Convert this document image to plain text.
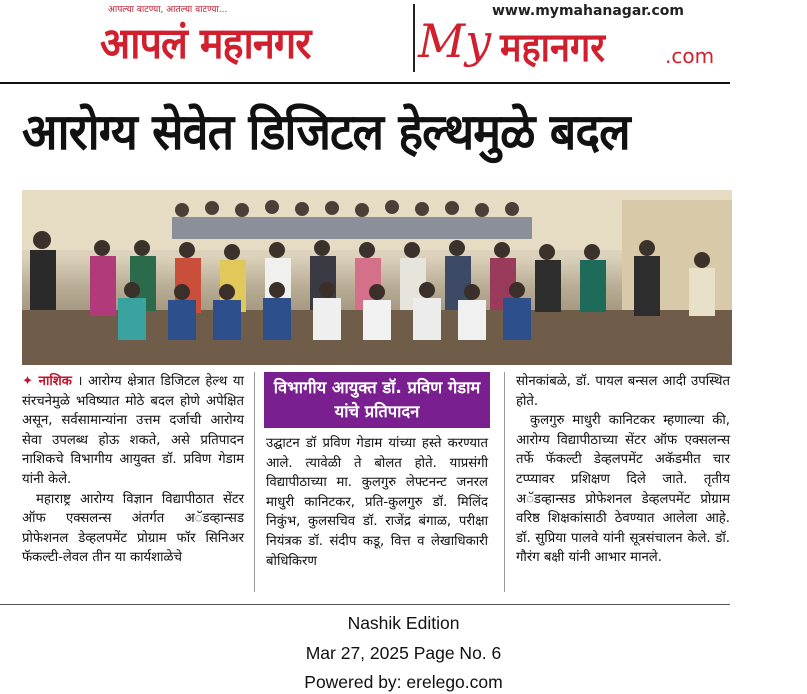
आपल्या वाटण्या, आतल्या वाटण्या...
आपलं महानगर
www.mymahanagar.com
My महानगर	.com
आरोग्य सेवेत डिजिटल हेल्थमुळे बदल

✦ नाशिक । आरोग्य क्षेत्रात डिजिटल हेल्थ या संरचनेमुळे भविष्यात मोठे बदल होणे अपेक्षित असून, सर्वसामान्यांना उत्तम दर्जाची आरोग्य सेवा उपलब्ध होऊ शकते, असे प्रतिपादन नाशिकचे विभागीय आयुक्त डॉ. प्रविण गेडाम यांनी केले.

महाराष्ट्र आरोग्य विज्ञान विद्यापीठात सेंटर ऑफ एक्सलन्स अंतर्गत अॅडव्हान्सड प्रोफेशनल डेव्हलपमेंट प्रोग्राम फॉर सिनिअर फॅकल्टी-लेवल तीन या कार्यशाळेचे

विभागीय आयुक्त डॉ. प्रविण गेडाम यांचे प्रतिपादन

उद्घाटन डॉ प्रविण गेडाम यांच्या हस्ते करण्यात आले. त्यावेळी ते बोलत होते. याप्रसंगी विद्यापीठाच्या मा. कुलगुरु लेफ्टनन्ट जनरल माधुरी कानिटकर, प्रति-कुलगुरु डॉ. मिलिंद निकुंभ, कुलसचिव डॉ. राजेंद्र बंगाळ, परीक्षा नियंत्रक डॉ. संदीप कडू, वित्त व लेखाधिकारी बोधिकिरण

सोनकांबळे, डॉ. पायल बन्सल आदी उपस्थित होते.

कुलगुरु माधुरी कानिटकर म्हणाल्या की, आरोग्य विद्यापीठाच्या सेंटर ऑफ एक्सलन्स तर्फे फॅकल्टी डेव्हलपमेंट अकॅडमीत चार टप्प्यावर प्रशिक्षण दिले जाते. तृतीय अॅडव्हान्सड प्रोफेशनल डेव्हलपमेंट प्रोग्राम वरिष्ठ शिक्षकांसाठी ठेवण्यात आलेला आहे. डॉ. सुप्रिया पालवे यांनी सूत्रसंचालन केले. डॉ. गौरंग बक्षी यांनी आभार मानले.

Nashik Edition
Mar 27, 2025 Page No. 6
Powered by: erelego.com
